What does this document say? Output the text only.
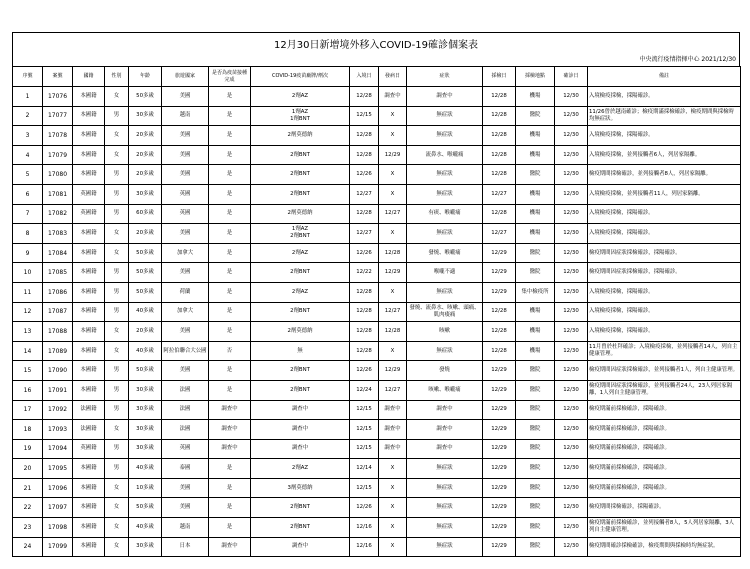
12月30日新增境外移入COVID-19確診個案表
中央流行疫情指揮中心 2021/12/30
序號	案號	國籍	性別	年齡	旅遊國家	是否為疫苗接種完成	COVID-19疫苗廠牌/劑次	入境日	發病日	症狀	採檢日	採檢地點	確診日	備註
1	17076	本國籍	女	50多歲	美國	是	2劑AZ	12/28	調查中	調查中	12/28	機場	12/30	入境檢疫採檢，採陽確診。
2	17077	本國籍	男	30多歲	越南	是	1劑AZ
1劑BNT	12/15	X	無症狀	12/28	醫院	12/30	11/26曾於越南確診；檢疫期滿採檢確診，檢疫期間與採檢時均無症狀。
3	17078	本國籍	女	20多歲	美國	是	2劑莫德納	12/28	X	無症狀	12/28	機場	12/30	入境檢疫採檢，採陽確診。
4	17079	本國籍	女	20多歲	美國	是	2劑BNT	12/28	12/29	流鼻水、喉嚨痛	12/28	機場	12/30	入境檢疫採檢，並列接觸者6人，列居家隔離。
5	17080	本國籍	男	20多歲	美國	是	2劑BNT	12/26	X	無症狀	12/28	醫院	12/30	檢疫期間採檢確診，並列接觸者8人，列居家隔離。
6	17081	英國籍	男	30多歲	英國	是	2劑BNT	12/27	X	無症狀	12/27	機場	12/30	入境檢疫採檢，並列接觸者11人，列居家隔離。
7	17082	英國籍	男	60多歲	英國	是	2劑莫德納	12/28	12/27	有痰、喉嚨痛	12/28	機場	12/30	入境檢疫採檢，採陽確診。
8	17083	本國籍	女	20多歲	美國	是	1劑AZ
2劑BNT	12/27	X	無症狀	12/27	機場	12/30	入境檢疫採檢，採陽確診。
9	17084	本國籍	女	50多歲	加拿大	是	2劑AZ	12/26	12/28	發燒、喉嚨痛	12/29	醫院	12/30	檢疫期間因症狀採檢確診，採陽確診。
10	17085	本國籍	男	50多歲	美國	是	2劑BNT	12/22	12/29	喉嚨不適	12/29	醫院	12/30	檢疫期間因症狀採檢確診，採陽確診。
11	17086	本國籍	男	50多歲	荷蘭	是	2劑AZ	12/28	X	無症狀	12/29	集中檢疫所	12/30	入境檢疫採檢，採陽確診。
12	17087	本國籍	男	40多歲	加拿大	是	2劑BNT	12/28	12/27	發燒、流鼻水、咳嗽、頭痛、肌肉痠痛	12/28	機場	12/30	入境檢疫採檢，採陽確診。
13	17088	本國籍	女	20多歲	美國	是	2劑莫德納	12/28	12/28	咳嗽	12/28	機場	12/30	入境檢疫採檢，採陽確診。
14	17089	本國籍	女	40多歲	阿拉伯聯合大公國	否	無	12/28	X	無症狀	12/28	機場	12/30	11月曾於杜拜確診；入境檢疫採檢，並列接觸者14人，列自主健康管理。
15	17090	本國籍	男	50多歲	美國	是	2劑BNT	12/26	12/29	發燒	12/29	醫院	12/30	檢疫期間因症狀採檢確診，並列接觸者1人，列自主健康管理。
16	17091	本國籍	男	30多歲	法國	是	2劑BNT	12/24	12/27	咳嗽、喉嚨痛	12/29	醫院	12/30	檢疫期間因症狀採檢確診，並列接觸者24人，23人列居家隔離，1人列自主健康管理。
17	17092	法國籍	男	30多歲	法國	調查中	調查中	12/15	調查中	調查中	12/29	醫院	12/30	檢疫期滿前採檢確診，採陽確診。
18	17093	法國籍	女	30多歲	法國	調查中	調查中	12/15	調查中	調查中	12/29	醫院	12/30	檢疫期滿前採檢確診，採陽確診。
19	17094	英國籍	男	30多歲	英國	調查中	調查中	12/15	調查中	調查中	12/29	醫院	12/30	檢疫期滿前採檢確診，採陽確診。
20	17095	本國籍	男	40多歲	泰國	是	2劑AZ	12/14	X	無症狀	12/29	醫院	12/30	檢疫期滿前採檢確診，採陽確診。
21	17096	本國籍	女	10多歲	美國	是	3劑莫德納	12/15	X	無症狀	12/29	醫院	12/30	檢疫期滿前採檢確診，採陽確診。
22	17097	本國籍	女	50多歲	美國	是	2劑BNT	12/26	X	無症狀	12/29	醫院	12/30	檢疫期間採檢確診，採陽確診。
23	17098	本國籍	女	40多歲	越南	是	2劑BNT	12/16	X	無症狀	12/29	醫院	12/30	檢疫期滿前採檢確診，並列接觸者8人，5人列居家隔離，3人列自主健康管理。
24	17099	本國籍	女	30多歲	日本	調查中	調查中	12/16	X	無症狀	12/29	醫院	12/30	檢疫期間確診採檢確診，檢疫期間與採檢時均無症狀。
